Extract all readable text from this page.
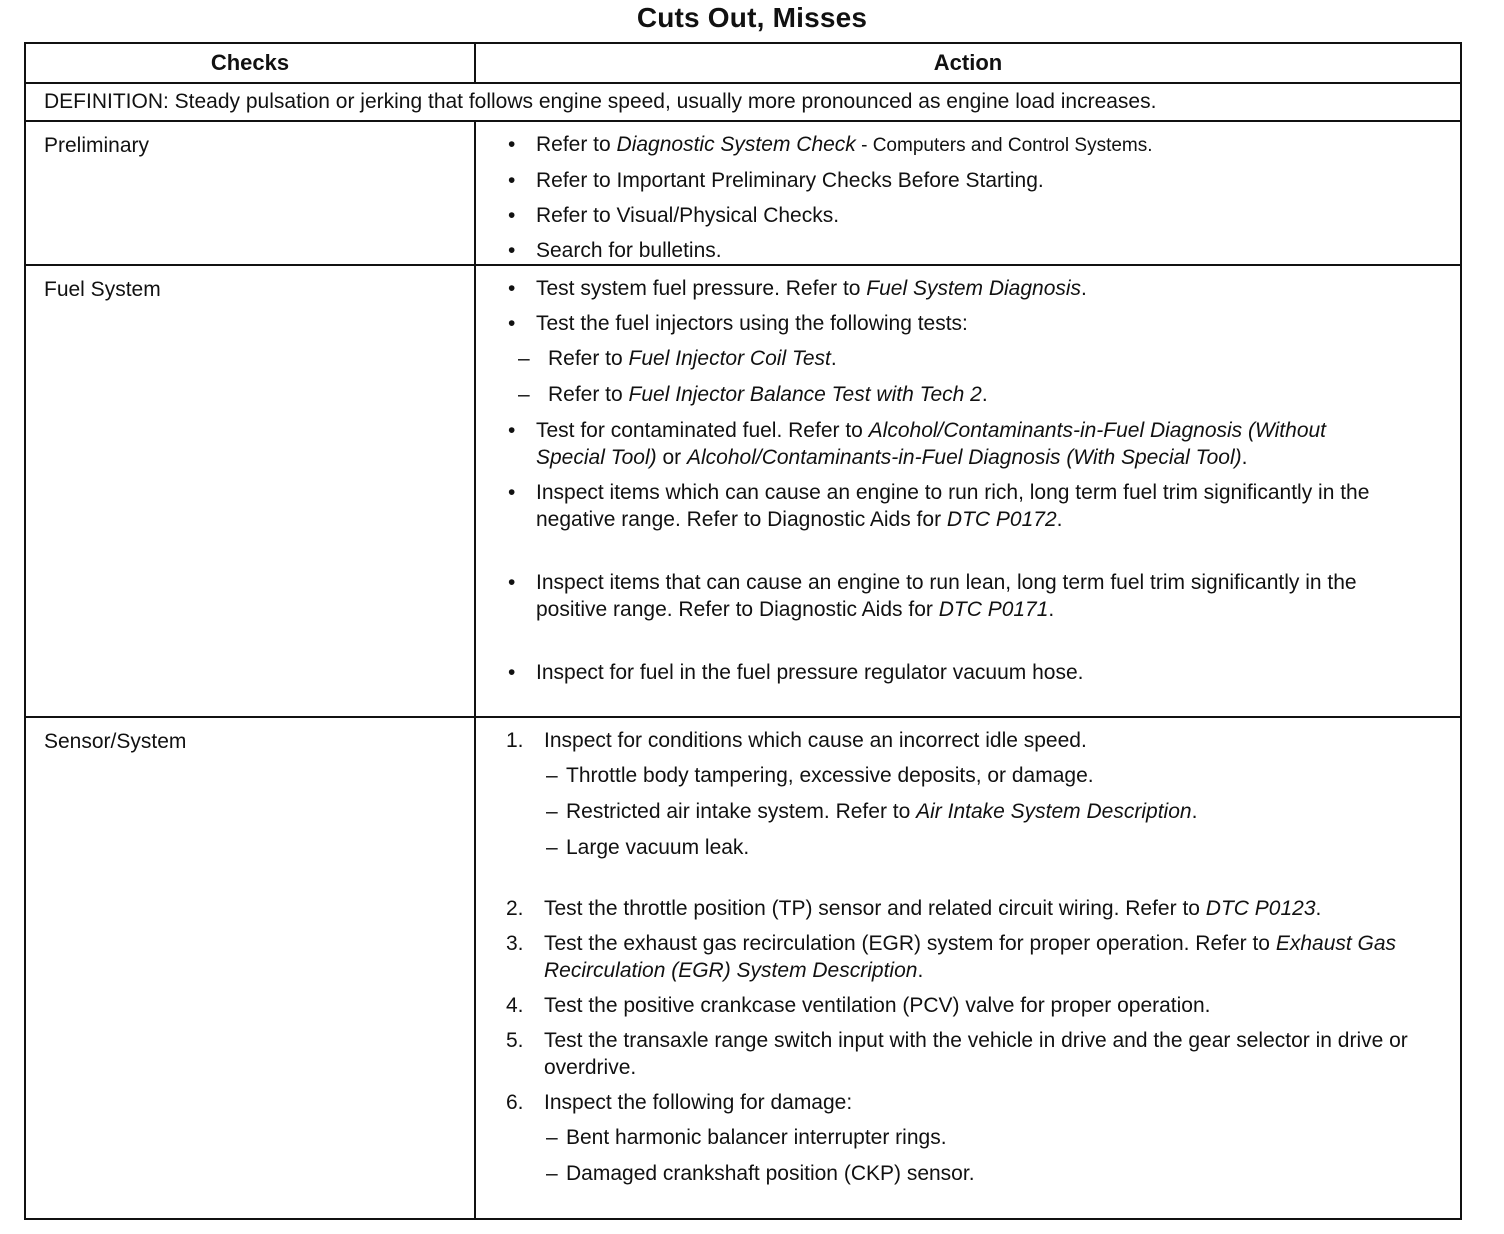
Cuts Out, Misses
Checks	Action
DEFINITION: Steady pulsation or jerking that follows engine speed, usually more pronounced as engine load increases.
Preliminary	• Refer to Diagnostic System Check - Computers and Control Systems.
• Refer to Important Preliminary Checks Before Starting.
• Refer to Visual/Physical Checks.
• Search for bulletins.
Fuel System	• Test system fuel pressure. Refer to Fuel System Diagnosis.
• Test the fuel injectors using the following tests:
– Refer to Fuel Injector Coil Test.
– Refer to Fuel Injector Balance Test with Tech 2.
• Test for contaminated fuel. Refer to Alcohol/Contaminants-in-Fuel Diagnosis (Without Special Tool) or Alcohol/Contaminants-in-Fuel Diagnosis (With Special Tool).
• Inspect items which can cause an engine to run rich, long term fuel trim significantly in the negative range. Refer to Diagnostic Aids for DTC P0172.
• Inspect items that can cause an engine to run lean, long term fuel trim significantly in the positive range. Refer to Diagnostic Aids for DTC P0171.
• Inspect for fuel in the fuel pressure regulator vacuum hose.
Sensor/System	1. Inspect for conditions which cause an incorrect idle speed.
– Throttle body tampering, excessive deposits, or damage.
– Restricted air intake system. Refer to Air Intake System Description.
– Large vacuum leak.
2. Test the throttle position (TP) sensor and related circuit wiring. Refer to DTC P0123.
3. Test the exhaust gas recirculation (EGR) system for proper operation. Refer to Exhaust Gas Recirculation (EGR) System Description.
4. Test the positive crankcase ventilation (PCV) valve for proper operation.
5. Test the transaxle range switch input with the vehicle in drive and the gear selector in drive or overdrive.
6. Inspect the following for damage:
– Bent harmonic balancer interrupter rings.
– Damaged crankshaft position (CKP) sensor.
